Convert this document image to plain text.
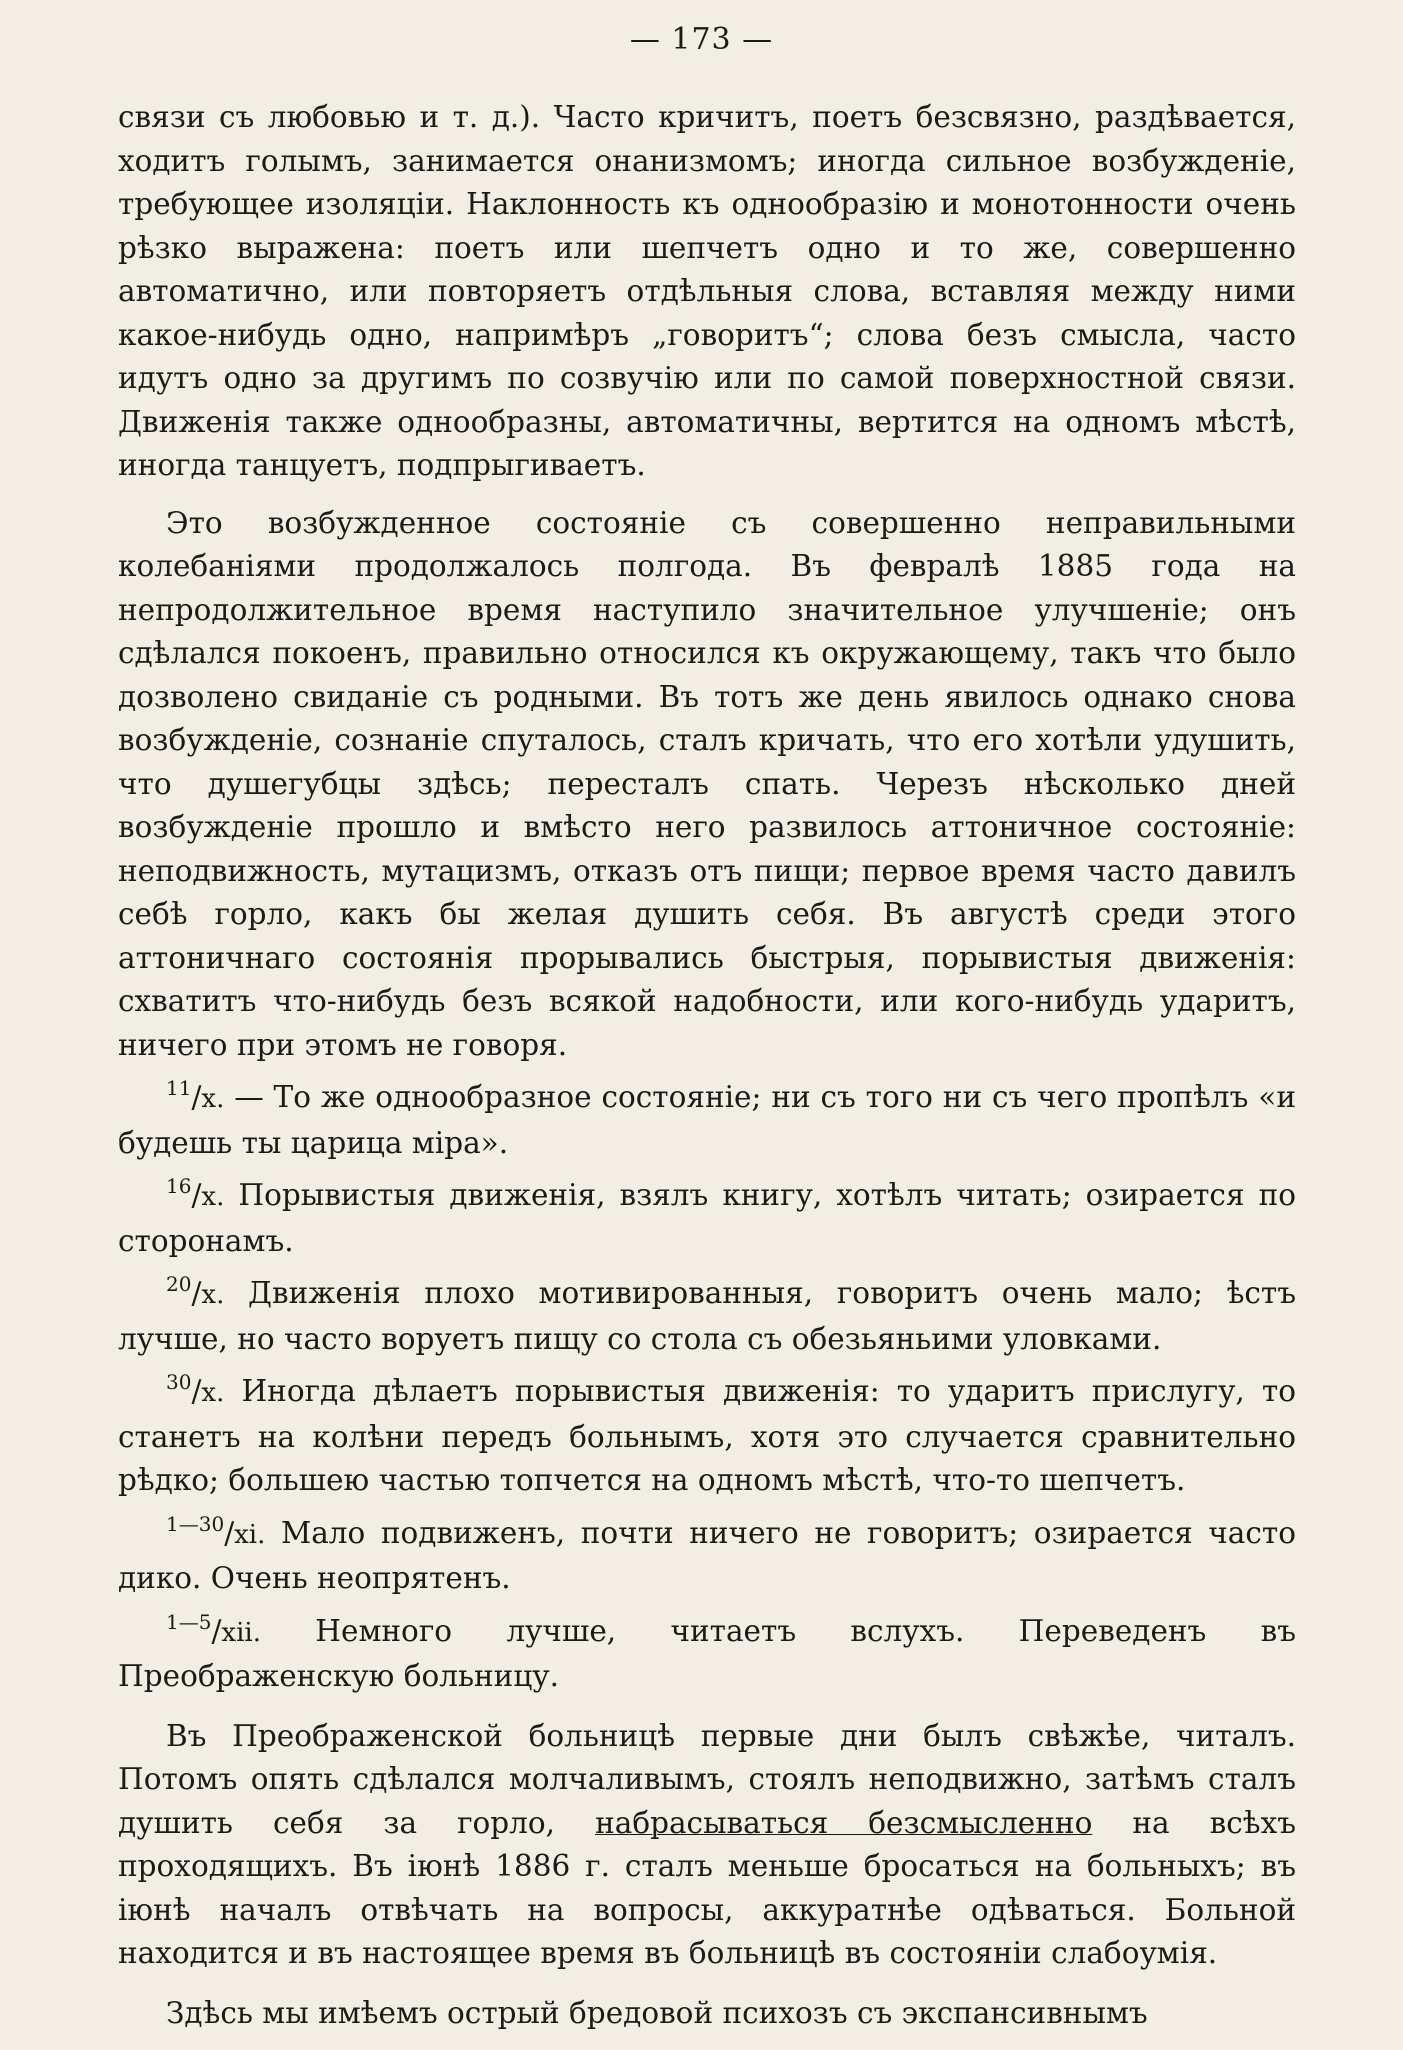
— 173 —

связи съ любовью и т. д.). Часто кричитъ, поетъ безсвязно, раздѣвается, ходитъ голымъ, занимается онанизмомъ; иногда сильное возбужденіе, требующее изоляціи. Наклонность къ однообразію и монотонности очень рѣзко выражена: поетъ или шепчетъ одно и то же, совершенно автоматично, или повторяетъ отдѣльныя слова, вставляя между ними какое-нибудь одно, напримѣръ „говоритъ“; слова безъ смысла, часто идутъ одно за другимъ по созвучію или по самой поверхностной связи. Движенія также однообразны, автоматичны, вертится на одномъ мѣстѣ, иногда танцуетъ, подпрыгиваетъ.

Это возбужденное состояніе съ совершенно неправильными колебаніями продолжалось полгода. Въ февралѣ 1885 года на непродолжительное время наступило значительное улучшеніе; онъ сдѣлался покоенъ, правильно относился къ окружающему, такъ что было дозволено свиданіе съ родными. Въ тотъ же день явилось однако снова возбужденіе, сознаніе спуталось, сталъ кричать, что его хотѣли удушить, что душегубцы здѣсь; пересталъ спать. Черезъ нѣсколько дней возбужденіе прошло и вмѣсто него развилось аттоничное состояніе: неподвижность, мутацизмъ, отказъ отъ пищи; первое время часто давилъ себѣ горло, какъ бы желая душить себя. Въ августѣ среди этого аттоничнаго состоянія прорывались быстрыя, порывистыя движенія: схватитъ что-нибудь безъ всякой надобности, или кого-нибудь ударитъ, ничего при этомъ не говоря.

$^{11}$/x. — То же однообразное состояніе; ни съ того ни съ чего пропѣлъ «и будешь ты царица міра».

$^{16}$/x. Порывистыя движенія, взялъ книгу, хотѣлъ читать; озирается по сторонамъ.

$^{20}$/x. Движенія плохо мотивированныя, говоритъ очень мало; ѣстъ лучше, но часто воруетъ пищу со стола съ обезьяньими уловками.

$^{30}$/x. Иногда дѣлаетъ порывистыя движенія: то ударитъ прислугу, то станетъ на колѣни передъ больнымъ, хотя это случается сравнительно рѣдко; большею частью топчется на одномъ мѣстѣ, что-то шепчетъ.

$^{1—30}$/xi. Мало подвиженъ, почти ничего не говоритъ; озирается часто дико. Очень неопрятенъ.

$^{1—5}$/xii. Немного лучше, читаетъ вслухъ. Переведенъ въ Преображенскую больницу.

Въ Преображенской больницѣ первые дни былъ свѣжѣе, читалъ. Потомъ опять сдѣлался молчаливымъ, стоялъ неподвижно, затѣмъ сталъ душить себя за горло, набрасываться безсмысленно на всѣхъ проходящихъ. Въ іюнѣ 1886 г. сталъ меньше бросаться на больныхъ; въ іюнѣ началъ отвѣчать на вопросы, аккуратнѣе одѣваться. Больной находится и въ настоящее время въ больницѣ въ состояніи слабоумія.

Здѣсь мы имѣемъ острый бредовой психозъ съ экспансивнымъ
